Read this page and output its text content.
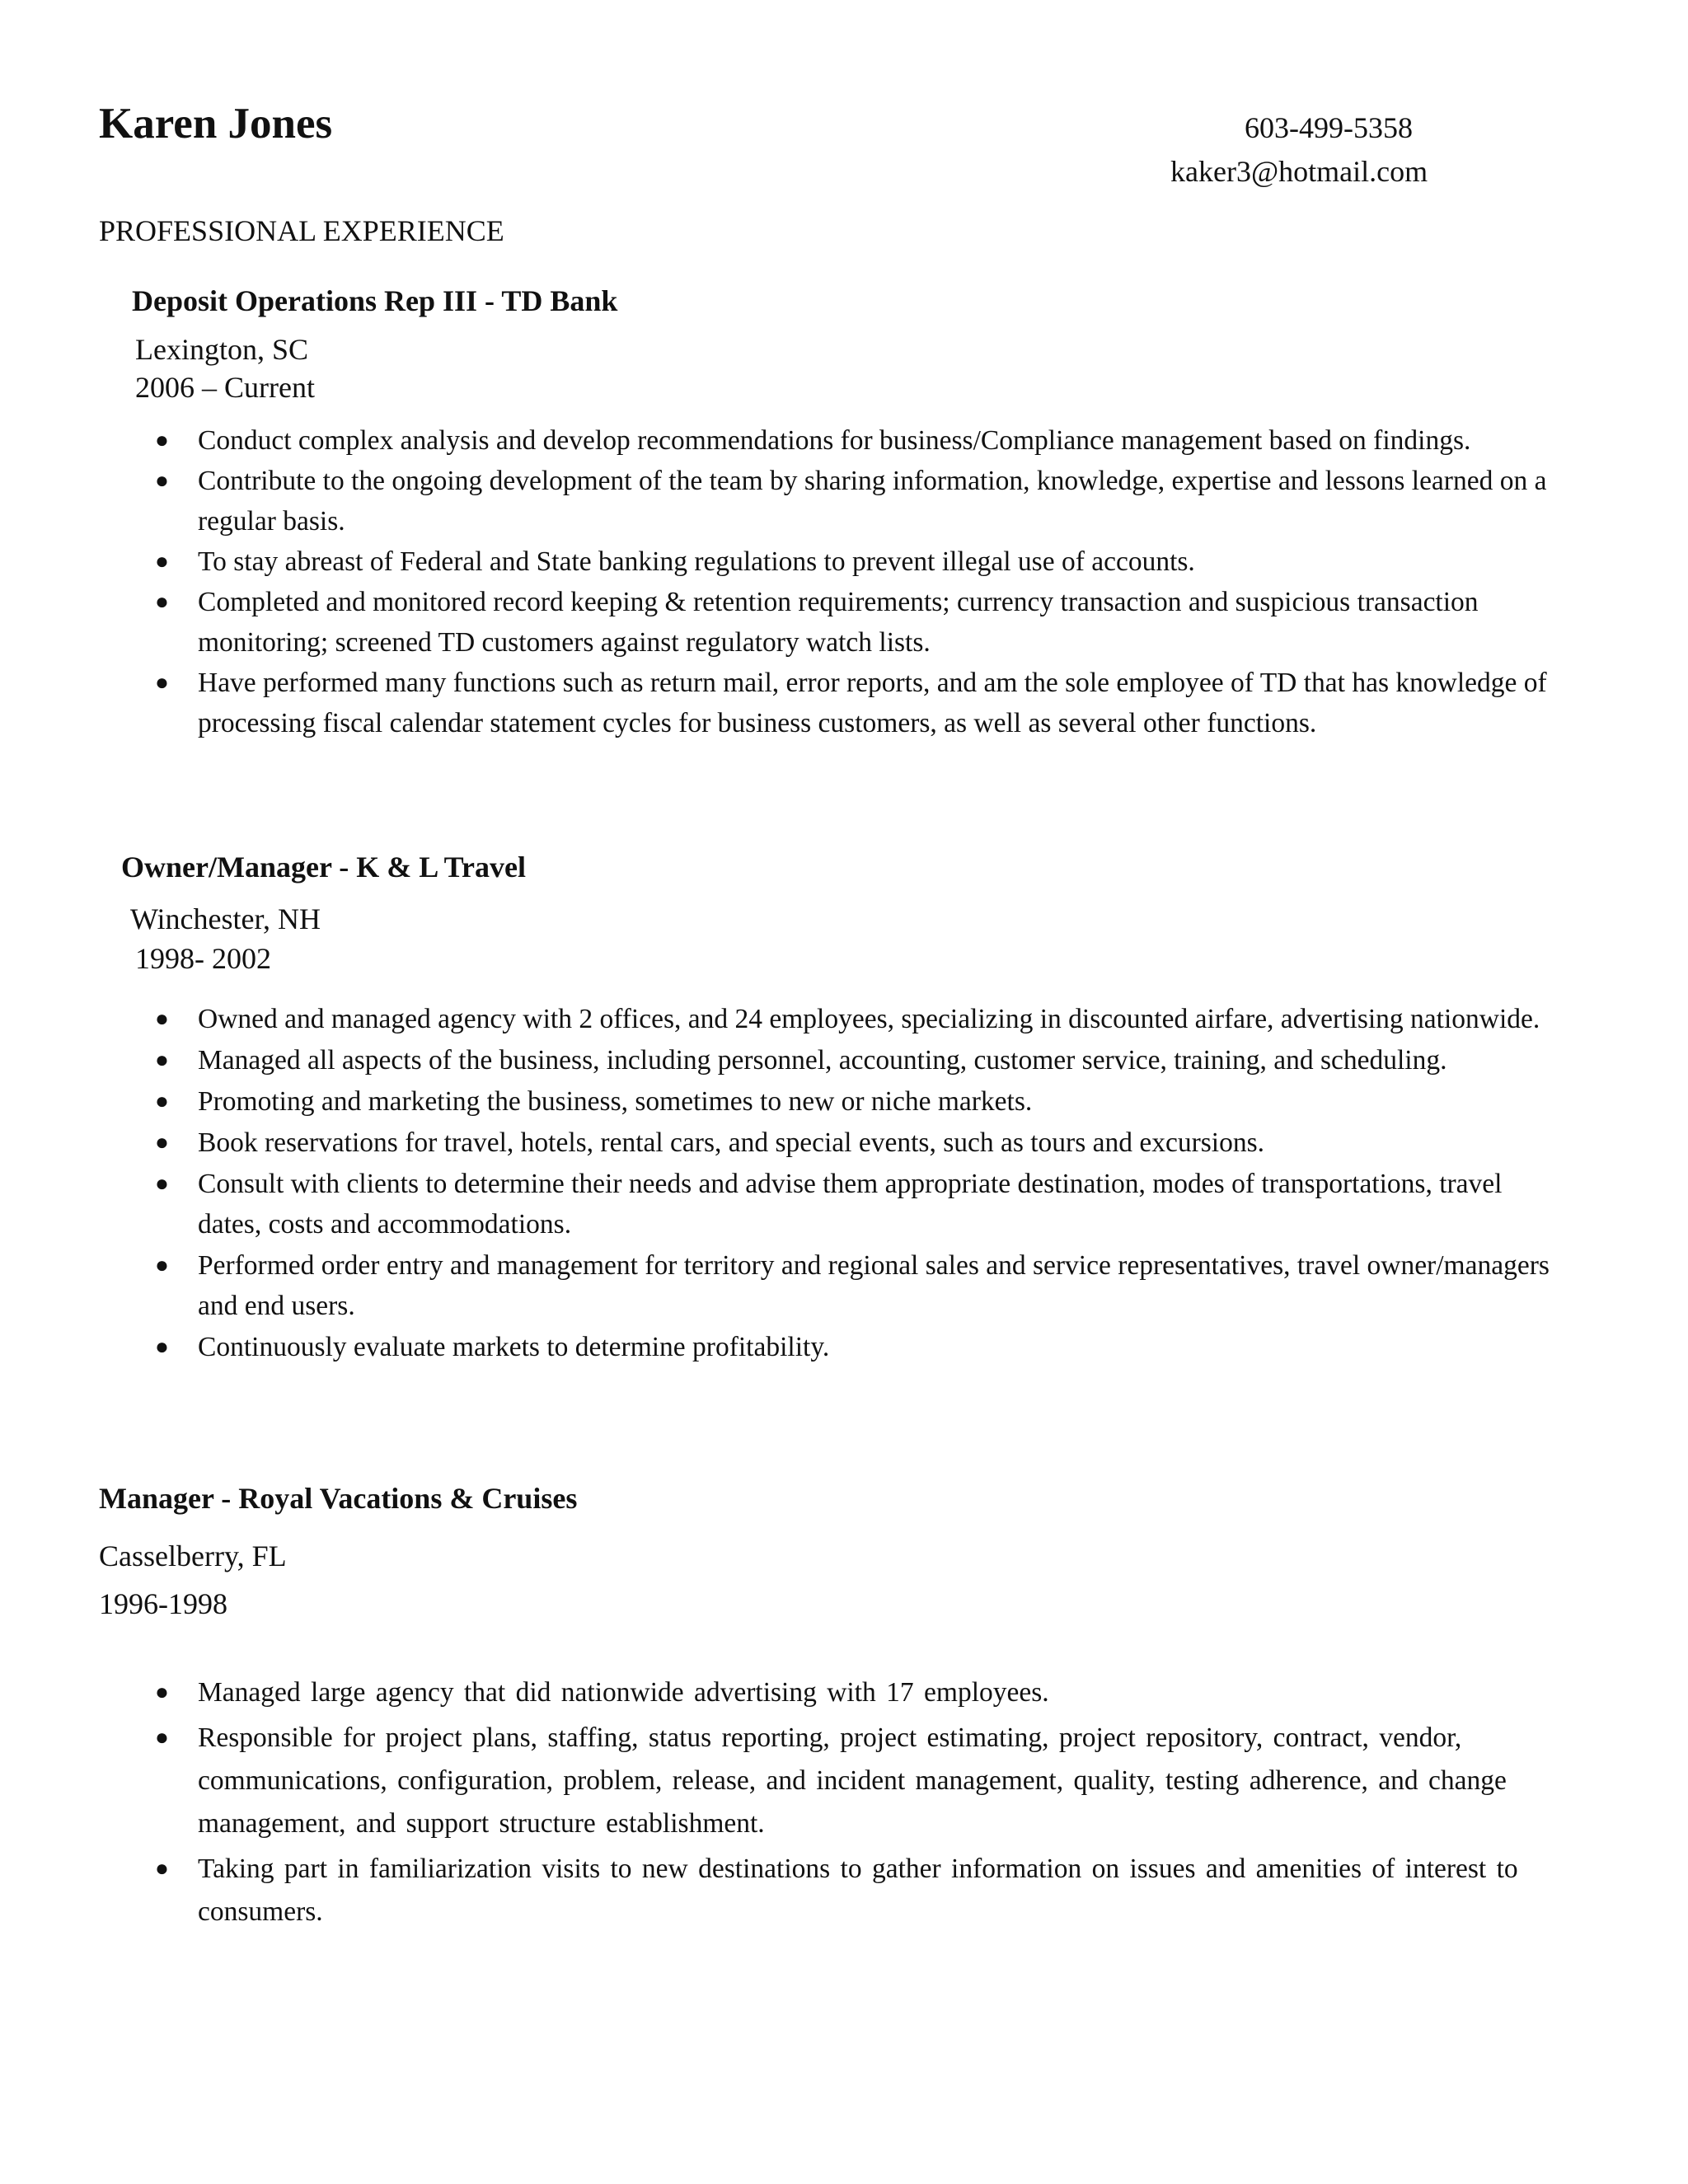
Karen Jones	603-499-5358
kaker3@hotmail.com
PROFESSIONAL EXPERIENCE
Deposit Operations Rep III - TD Bank
Lexington, SC
2006 – Current
● Conduct complex analysis and develop recommendations for business/Compliance management based on findings.
● Contribute to the ongoing development of the team by sharing information, knowledge, expertise and lessons learned on a regular basis.
● To stay abreast of Federal and State banking regulations to prevent illegal use of accounts.
● Completed and monitored record keeping & retention requirements; currency transaction and suspicious transaction monitoring; screened TD customers against regulatory watch lists.
● Have performed many functions such as return mail, error reports, and am the sole employee of TD that has knowledge of processing fiscal calendar statement cycles for business customers, as well as several other functions.
Owner/Manager - K & L Travel
Winchester, NH
1998- 2002
● Owned and managed agency with 2 offices, and 24 employees, specializing in discounted airfare, advertising nationwide.
● Managed all aspects of the business, including personnel, accounting, customer service, training, and scheduling.
● Promoting and marketing the business, sometimes to new or niche markets.
● Book reservations for travel, hotels, rental cars, and special events, such as tours and excursions.
● Consult with clients to determine their needs and advise them appropriate destination, modes of transportations, travel dates, costs and accommodations.
● Performed order entry and management for territory and regional sales and service representatives, travel owner/managers and end users.
● Continuously evaluate markets to determine profitability.
Manager - Royal Vacations & Cruises
Casselberry, FL
1996-1998
● Managed large agency that did nationwide advertising with 17 employees.
● Responsible for project plans, staffing, status reporting, project estimating, project repository, contract, vendor, communications, configuration, problem, release, and incident management, quality, testing adherence, and change management, and support structure establishment.
● Taking part in familiarization visits to new destinations to gather information on issues and amenities of interest to consumers.
